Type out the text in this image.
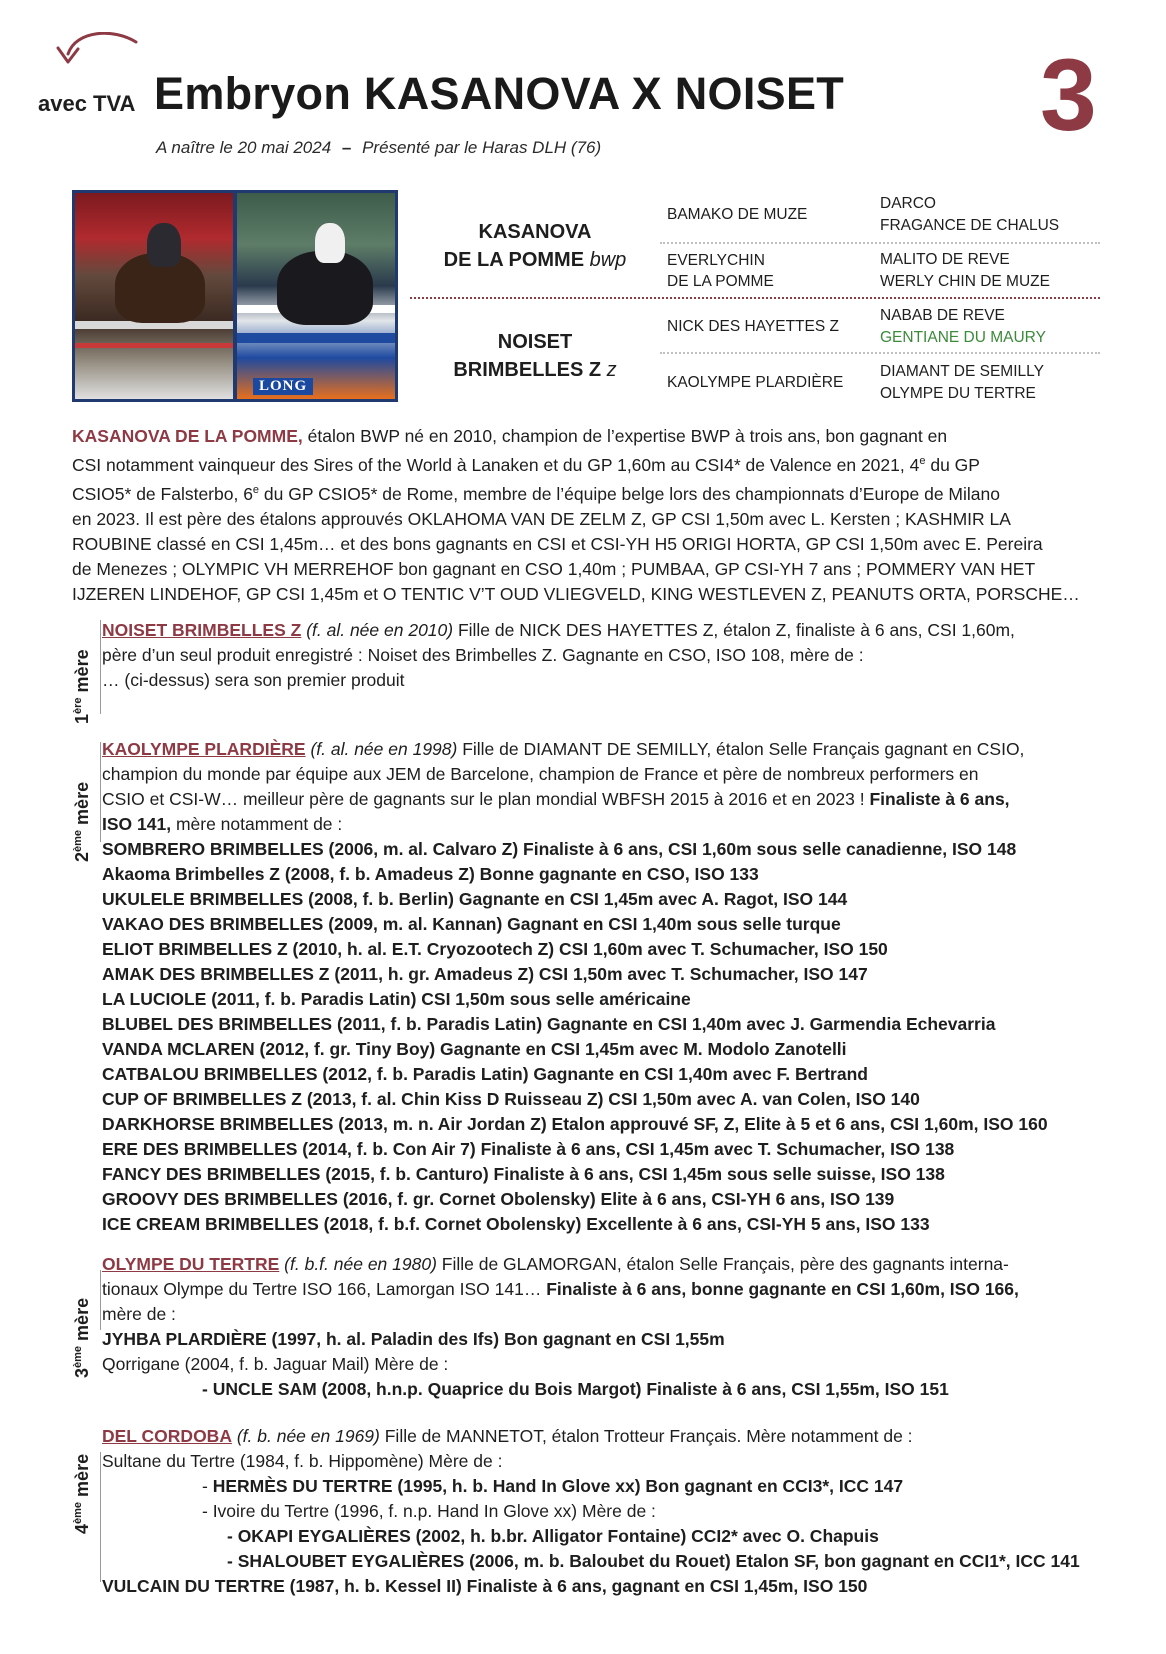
avec TVA Embryon KASANOVA X NOISET 3
A naître le 20 mai 2024 – Présenté par le Haras DLH (76)
LONG
KASANOVA
DE LA POMME bwp
NOISET
BRIMBELLES Z z
BAMAKO DE MUZE
EVERLYCHIN
DE LA POMME
NICK DES HAYETTES Z
KAOLYMPE PLARDIÈRE
DARCO
FRAGANCE DE CHALUS
MALITO DE REVE
WERLY CHIN DE MUZE
NABAB DE REVE
GENTIANE DU MAURY
DIAMANT DE SEMILLY
OLYMPE DU TERTRE
KASANOVA DE LA POMME, étalon BWP né en 2010, champion de l’expertise BWP à trois ans, bon gagnant en
CSI notamment vainqueur des Sires of the World à Lanaken et du GP 1,60m au CSI4* de Valence en 2021, 4e du GP
CSIO5* de Falsterbo, 6e du GP CSIO5* de Rome, membre de l’équipe belge lors des championnats d’Europe de Milano
en 2023. Il est père des étalons approuvés OKLAHOMA VAN DE ZELM Z, GP CSI 1,50m avec L. Kersten ; KASHMIR LA
ROUBINE classé en CSI 1,45m… et des bons gagnants en CSI et CSI-YH H5 ORIGI HORTA, GP CSI 1,50m avec E. Pereira
de Menezes ; OLYMPIC VH MERREHOF bon gagnant en CSO 1,40m ; PUMBAA, GP CSI-YH 7 ans ; POMMERY VAN HET
IJZEREN LINDEHOF, GP CSI 1,45m et O TENTIC V’T OUD VLIEGVELD, KING WESTLEVEN Z, PEANUTS ORTA, PORSCHE…
1ère mère
NOISET BRIMBELLES Z (f. al. née en 2010) Fille de NICK DES HAYETTES Z, étalon Z, finaliste à 6 ans, CSI 1,60m,
père d’un seul produit enregistré : Noiset des Brimbelles Z. Gagnante en CSO, ISO 108, mère de :
… (ci-dessus) sera son premier produit
2ème mère
KAOLYMPE PLARDIÈRE (f. al. née en 1998) Fille de DIAMANT DE SEMILLY, étalon Selle Français gagnant en CSIO,
champion du monde par équipe aux JEM de Barcelone, champion de France et père de nombreux performers en
CSIO et CSI-W… meilleur père de gagnants sur le plan mondial WBFSH 2015 à 2016 et en 2023 ! Finaliste à 6 ans,
ISO 141, mère notamment de :
SOMBRERO BRIMBELLES (2006, m. al. Calvaro Z) Finaliste à 6 ans, CSI 1,60m sous selle canadienne, ISO 148
Akaoma Brimbelles Z (2008, f. b. Amadeus Z) Bonne gagnante en CSO, ISO 133
UKULELE BRIMBELLES (2008, f. b. Berlin) Gagnante en CSI 1,45m avec A. Ragot, ISO 144
VAKAO DES BRIMBELLES (2009, m. al. Kannan) Gagnant en CSI 1,40m sous selle turque
ELIOT BRIMBELLES Z (2010, h. al. E.T. Cryozootech Z) CSI 1,60m avec T. Schumacher, ISO 150
AMAK DES BRIMBELLES Z (2011, h. gr. Amadeus Z) CSI 1,50m avec T. Schumacher, ISO 147
LA LUCIOLE (2011, f. b. Paradis Latin) CSI 1,50m sous selle américaine
BLUBEL DES BRIMBELLES (2011, f. b. Paradis Latin) Gagnante en CSI 1,40m avec J. Garmendia Echevarria
VANDA MCLAREN (2012, f. gr. Tiny Boy) Gagnante en CSI 1,45m avec M. Modolo Zanotelli
CATBALOU BRIMBELLES (2012, f. b. Paradis Latin) Gagnante en CSI 1,40m avec F. Bertrand
CUP OF BRIMBELLES Z (2013, f. al. Chin Kiss D Ruisseau Z) CSI 1,50m avec A. van Colen, ISO 140
DARKHORSE BRIMBELLES (2013, m. n. Air Jordan Z) Etalon approuvé SF, Z, Elite à 5 et 6 ans, CSI 1,60m, ISO 160
ERE DES BRIMBELLES (2014, f. b. Con Air 7) Finaliste à 6 ans, CSI 1,45m avec T. Schumacher, ISO 138
FANCY DES BRIMBELLES (2015, f. b. Canturo) Finaliste à 6 ans, CSI 1,45m sous selle suisse, ISO 138
GROOVY DES BRIMBELLES (2016, f. gr. Cornet Obolensky) Elite à 6 ans, CSI-YH 6 ans, ISO 139
ICE CREAM BRIMBELLES (2018, f. b.f. Cornet Obolensky) Excellente à 6 ans, CSI-YH 5 ans, ISO 133
3ème mère
OLYMPE DU TERTRE (f. b.f. née en 1980) Fille de GLAMORGAN, étalon Selle Français, père des gagnants interna-
tionaux Olympe du Tertre ISO 166, Lamorgan ISO 141… Finaliste à 6 ans, bonne gagnante en CSI 1,60m, ISO 166,
mère de :
JYHBA PLARDIÈRE (1997, h. al. Paladin des Ifs) Bon gagnant en CSI 1,55m
Qorrigane (2004, f. b. Jaguar Mail) Mère de :
- UNCLE SAM (2008, h.n.p. Quaprice du Bois Margot) Finaliste à 6 ans, CSI 1,55m, ISO 151
4ème mère
DEL CORDOBA (f. b. née en 1969) Fille de MANNETOT, étalon Trotteur Français. Mère notamment de :
Sultane du Tertre (1984, f. b. Hippomène) Mère de :
- HERMÈS DU TERTRE (1995, h. b. Hand In Glove xx) Bon gagnant en CCI3*, ICC 147
- Ivoire du Tertre (1996, f. n.p. Hand In Glove xx) Mère de :
- OKAPI EYGALIÈRES (2002, h. b.br. Alligator Fontaine) CCI2* avec O. Chapuis
- SHALOUBET EYGALIÈRES (2006, m. b. Baloubet du Rouet) Etalon SF, bon gagnant en CCI1*, ICC 141
VULCAIN DU TERTRE (1987, h. b. Kessel II) Finaliste à 6 ans, gagnant en CSI 1,45m, ISO 150
